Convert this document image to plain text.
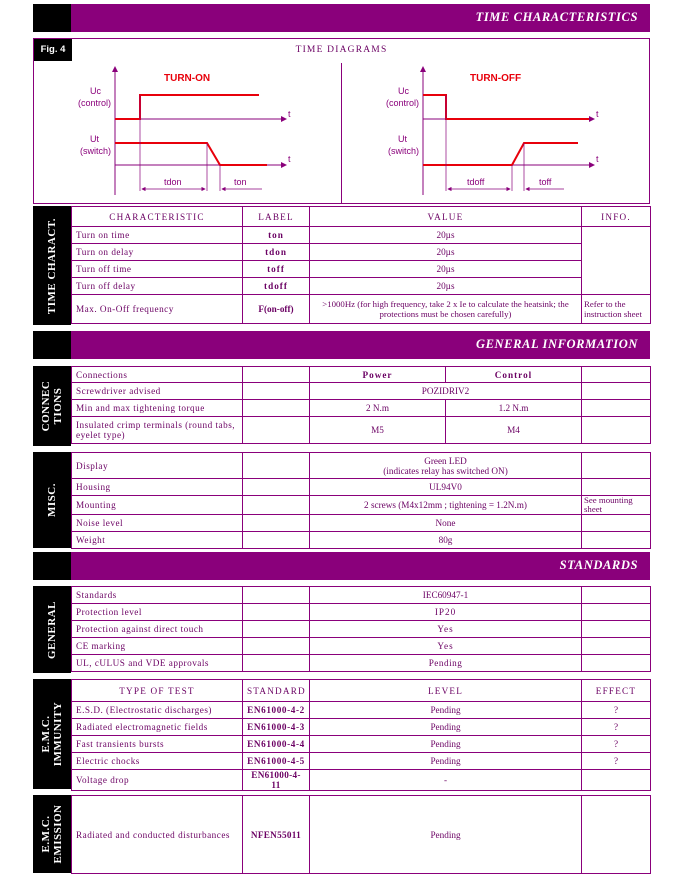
TIME CHARACTERISTICS
Fig. 4	TIME DIAGRAMS
TURN-ON
Uc
(control)
Ut
(switch)
t
t
tdon	ton
TURN-OFF
Uc
(control)
Ut
(switch)
t
t
tdoff	toff
TIME CHARACT.
CHARACTERISTIC	LABEL	VALUE	INFO.
Turn on time	ton	20µs	
Turn on delay	tdon	20µs	
Turn off time	toff	20µs	
Turn off delay	tdoff	20µs	
Max. On-Off frequency	F(on-off)	>1000Hz (for high frequency, take 2 x Ie to calculate the heatsink; the protections must be chosen carefully)	Refer to the instruction sheet
GENERAL INFORMATION
CONNEC TIONS
Connections		Power	Control	
Screwdriver advised		POZIDRIV2		
Min and max tightening torque		2 N.m	1.2 N.m	
Insulated crimp terminals (round tabs, eyelet type)		M5	M4	
MISC.
Display		Green LED
(indicates relay has switched ON)	

Housing		UL94V0	
Mounting		2 screws (M4x12mm ; tightening = 1.2N.m)	See mounting sheet
Noise level		None	
Weight		80g	
STANDARDS
GENERAL
Standards		IEC60947-1	
Protection level		IP20	
Protection against direct touch		Yes	
CE marking		Yes	
UL, cULUS and VDE approvals		Pending	
E.M.C. IMMUNITY
TYPE OF TEST	STANDARD	LEVEL	EFFECT
E.S.D. (Electrostatic discharges)	EN61000-4-2	Pending	?
Radiated electromagnetic fields	EN61000-4-3	Pending	?
Fast transients bursts	EN61000-4-4	Pending	?
Electric chocks	EN61000-4-5	Pending	?
Voltage drop	EN61000-4-11	-	
E.M.C. EMISSION Radiated and conducted disturbances	NFEN55011	Pending	
